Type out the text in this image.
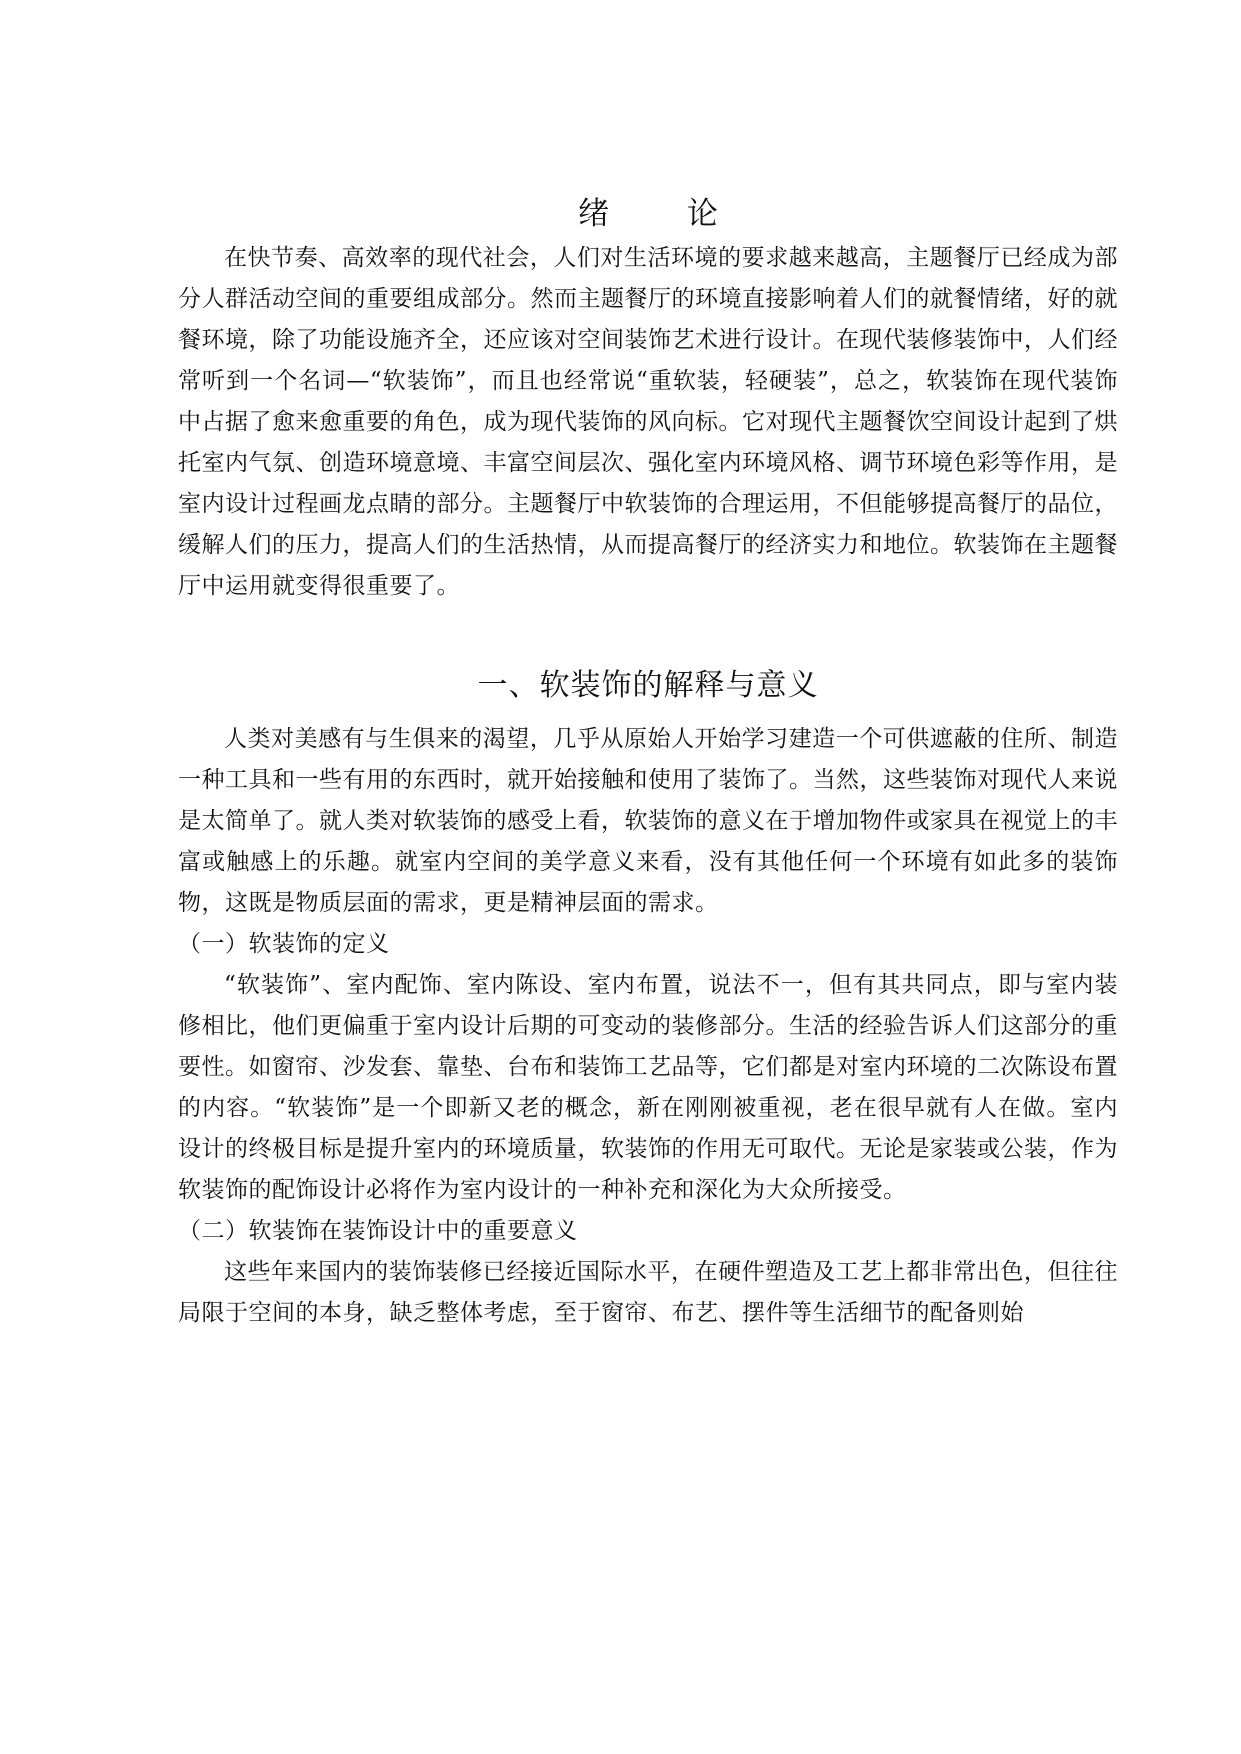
绪 论

在快节奏、高效率的现代社会，人们对生活环境的要求越来越高，主题餐厅已经成为部分人群活动空间的重要组成部分。然而主题餐厅的环境直接影响着人们的就餐情绪，好的就餐环境，除了功能设施齐全，还应该对空间装饰艺术进行设计。在现代装修装饰中，人们经常听到一个名词—“软装饰”，而且也经常说“重软装，轻硬装”，总之，软装饰在现代装饰中占据了愈来愈重要的角色，成为现代装饰的风向标。它对现代主题餐饮空间设计起到了烘托室内气氛、创造环境意境、丰富空间层次、强化室内环境风格、调节环境色彩等作用，是室内设计过程画龙点睛的部分。主题餐厅中软装饰的合理运用，不但能够提高餐厅的品位，缓解人们的压力，提高人们的生活热情，从而提高餐厅的经济实力和地位。软装饰在主题餐厅中运用就变得很重要了。

一、软装饰的解释与意义

人类对美感有与生俱来的渴望，几乎从原始人开始学习建造一个可供遮蔽的住所、制造一种工具和一些有用的东西时，就开始接触和使用了装饰了。当然，这些装饰对现代人来说是太简单了。就人类对软装饰的感受上看，软装饰的意义在于增加物件或家具在视觉上的丰富或触感上的乐趣。就室内空间的美学意义来看，没有其他任何一个环境有如此多的装饰物，这既是物质层面的需求，更是精神层面的需求。

（一）软装饰的定义

“软装饰”、室内配饰、室内陈设、室内布置，说法不一，但有其共同点，即与室内装修相比，他们更偏重于室内设计后期的可变动的装修部分。生活的经验告诉人们这部分的重要性。如窗帘、沙发套、靠垫、台布和装饰工艺品等，它们都是对室内环境的二次陈设布置的内容。“软装饰”是一个即新又老的概念，新在刚刚被重视，老在很早就有人在做。室内设计的终极目标是提升室内的环境质量，软装饰的作用无可取代。无论是家装或公装，作为软装饰的配饰设计必将作为室内设计的一种补充和深化为大众所接受。

（二）软装饰在装饰设计中的重要意义

这些年来国内的装饰装修已经接近国际水平，在硬件塑造及工艺上都非常出色，但往往局限于空间的本身，缺乏整体考虑，至于窗帘、布艺、摆件等生活细节的配备则始
